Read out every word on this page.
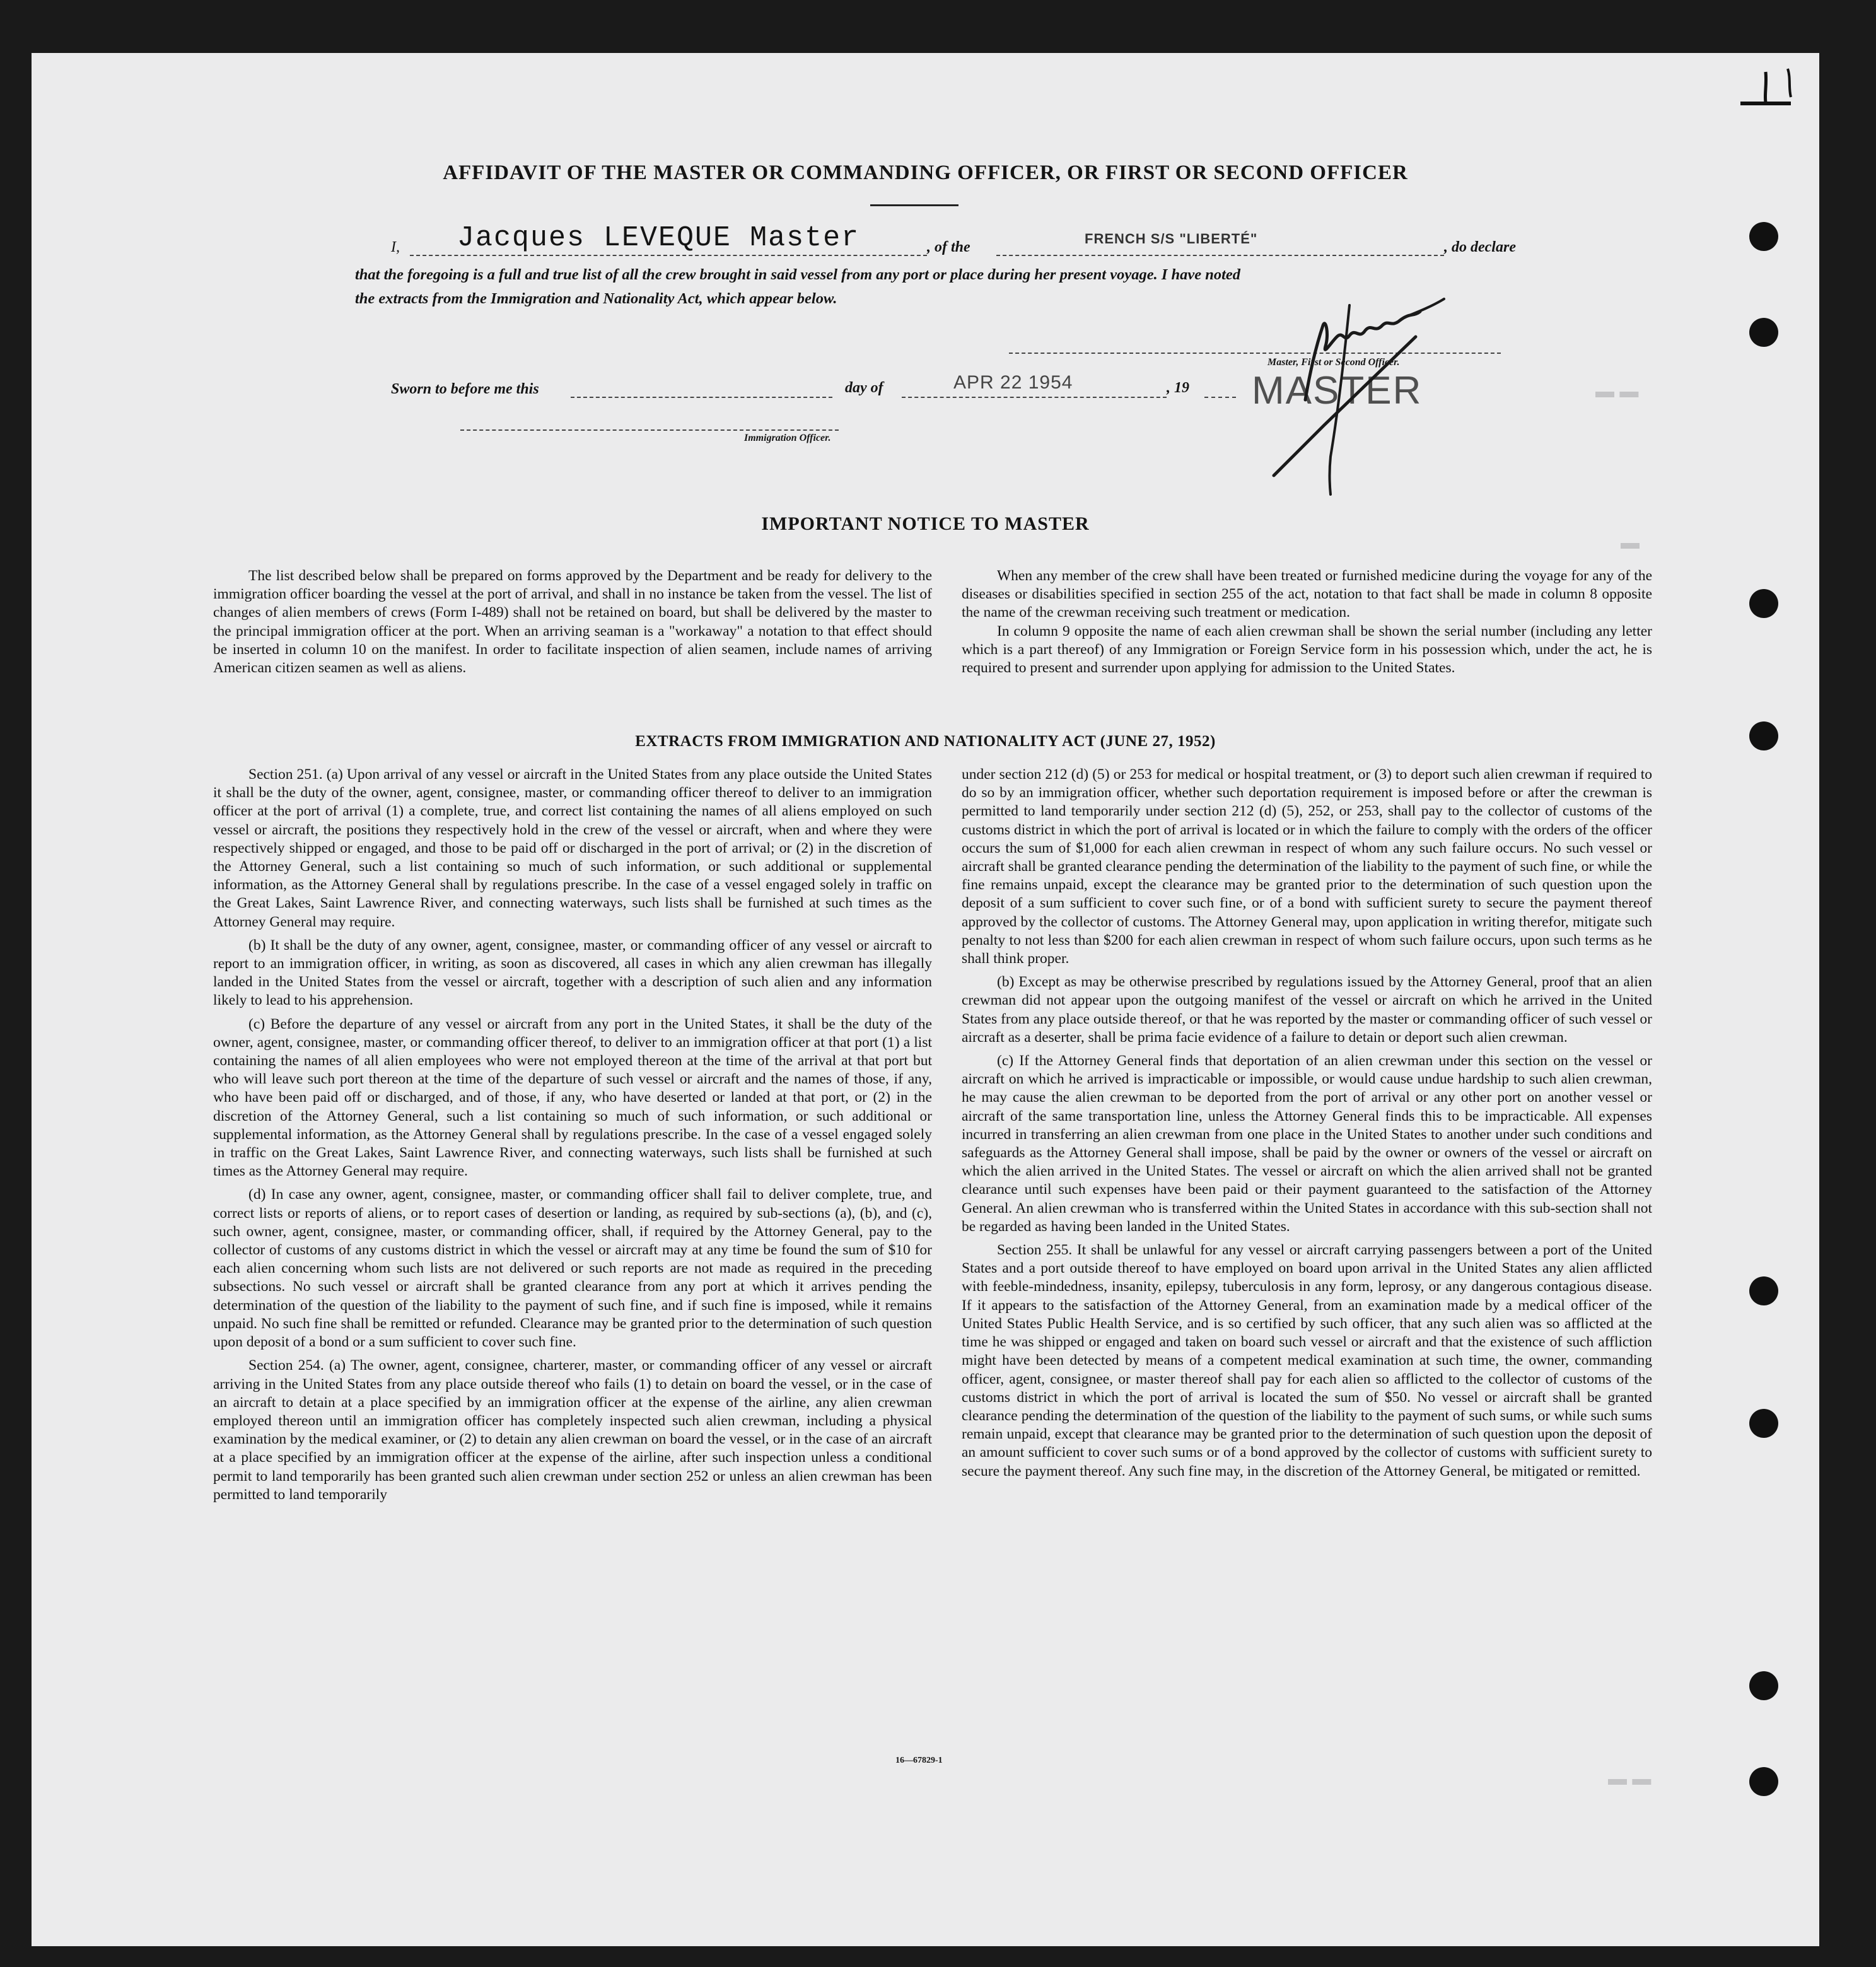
▬ ▬
▬
▬ ▬
AFFIDAVIT OF THE MASTER OR COMMANDING OFFICER, OR FIRST OR SECOND OFFICER
I, Jacques LEVEQUE Master	, of the
FRENCH S/S "LIBERTÉ"
, do declare
that the foregoing is a full and true list of all the crew brought in said vessel from any port or place during her present voyage. I have noted
the extracts from the Immigration and Nationality Act, which appear below.
Master, First or Second Officer.
MASTER
Sworn to before me this	day of	APR 22 1954	, 19
Immigration Officer.
IMPORTANT NOTICE TO MASTER

The list described below shall be prepared on forms approved by the Department and be ready for delivery to the immigration officer boarding the vessel at the port of arrival, and shall in no instance be taken from the vessel. The list of changes of alien members of crews (Form I-489) shall not be retained on board, but shall be delivered by the master to the principal immigration officer at the port. When an arriving seaman is a "workaway" a notation to that effect should be inserted in column 10 on the manifest. In order to facilitate inspection of alien seamen, include names of arriving American citizen seamen as well as aliens.

When any member of the crew shall have been treated or furnished medicine during the voyage for any of the diseases or disabilities specified in section 255 of the act, notation to that fact shall be made in column 8 opposite the name of the crewman receiving such treatment or medication.

In column 9 opposite the name of each alien crewman shall be shown the serial number (including any letter which is a part thereof) of any Immigration or Foreign Service form in his possession which, under the act, he is required to present and surrender upon applying for admission to the United States.

EXTRACTS FROM IMMIGRATION AND NATIONALITY ACT (JUNE 27, 1952)

Section 251. (a) Upon arrival of any vessel or aircraft in the United States from any place outside the United States it shall be the duty of the owner, agent, consignee, master, or commanding officer thereof to deliver to an immigration officer at the port of arrival (1) a complete, true, and correct list containing the names of all aliens employed on such vessel or aircraft, the positions they respectively hold in the crew of the vessel or aircraft, when and where they were respectively shipped or engaged, and those to be paid off or discharged in the port of arrival; or (2) in the discretion of the Attorney General, such a list containing so much of such information, or such additional or supplemental information, as the Attorney General shall by regulations prescribe. In the case of a vessel engaged solely in traffic on the Great Lakes, Saint Lawrence River, and connecting waterways, such lists shall be furnished at such times as the Attorney General may require.

(b) It shall be the duty of any owner, agent, consignee, master, or commanding officer of any vessel or aircraft to report to an immigration officer, in writing, as soon as discovered, all cases in which any alien crewman has illegally landed in the United States from the vessel or aircraft, together with a description of such alien and any information likely to lead to his apprehension.

(c) Before the departure of any vessel or aircraft from any port in the United States, it shall be the duty of the owner, agent, consignee, master, or commanding officer thereof, to deliver to an immigration officer at that port (1) a list containing the names of all alien employees who were not employed thereon at the time of the arrival at that port but who will leave such port thereon at the time of the departure of such vessel or aircraft and the names of those, if any, who have been paid off or discharged, and of those, if any, who have deserted or landed at that port, or (2) in the discretion of the Attorney General, such a list containing so much of such information, or such additional or supplemental information, as the Attorney General shall by regulations prescribe. In the case of a vessel engaged solely in traffic on the Great Lakes, Saint Lawrence River, and connecting waterways, such lists shall be furnished at such times as the Attorney General may require.

(d) In case any owner, agent, consignee, master, or commanding officer shall fail to deliver complete, true, and correct lists or reports of aliens, or to report cases of desertion or landing, as required by sub-sections (a), (b), and (c), such owner, agent, consignee, master, or commanding officer, shall, if required by the Attorney General, pay to the collector of customs of any customs district in which the vessel or aircraft may at any time be found the sum of $10 for each alien concerning whom such lists are not delivered or such reports are not made as required in the preceding subsections. No such vessel or aircraft shall be granted clearance from any port at which it arrives pending the determination of the question of the liability to the payment of such fine, and if such fine is imposed, while it remains unpaid. No such fine shall be remitted or refunded. Clearance may be granted prior to the determination of such question upon deposit of a bond or a sum sufficient to cover such fine.

Section 254. (a) The owner, agent, consignee, charterer, master, or commanding officer of any vessel or aircraft arriving in the United States from any place outside thereof who fails (1) to detain on board the vessel, or in the case of an aircraft to detain at a place specified by an immigration officer at the expense of the airline, any alien crewman employed thereon until an immigration officer has completely inspected such alien crewman, including a physical examination by the medical examiner, or (2) to detain any alien crewman on board the vessel, or in the case of an aircraft at a place specified by an immigration officer at the expense of the airline, after such inspection unless a conditional permit to land temporarily has been granted such alien crewman under section 252 or unless an alien crewman has been permitted to land temporarily

under section 212 (d) (5) or 253 for medical or hospital treatment, or (3) to deport such alien crewman if required to do so by an immigration officer, whether such deportation requirement is imposed before or after the crewman is permitted to land temporarily under section 212 (d) (5), 252, or 253, shall pay to the collector of customs of the customs district in which the port of arrival is located or in which the failure to comply with the orders of the officer occurs the sum of $1,000 for each alien crewman in respect of whom any such failure occurs. No such vessel or aircraft shall be granted clearance pending the determination of the liability to the payment of such fine, or while the fine remains unpaid, except the clearance may be granted prior to the determination of such question upon the deposit of a sum sufficient to cover such fine, or of a bond with sufficient surety to secure the payment thereof approved by the collector of customs. The Attorney General may, upon application in writing therefor, mitigate such penalty to not less than $200 for each alien crewman in respect of whom such failure occurs, upon such terms as he shall think proper.

(b) Except as may be otherwise prescribed by regulations issued by the Attorney General, proof that an alien crewman did not appear upon the outgoing manifest of the vessel or aircraft on which he arrived in the United States from any place outside thereof, or that he was reported by the master or commanding officer of such vessel or aircraft as a deserter, shall be prima facie evidence of a failure to detain or deport such alien crewman.

(c) If the Attorney General finds that deportation of an alien crewman under this section on the vessel or aircraft on which he arrived is impracticable or impossible, or would cause undue hardship to such alien crewman, he may cause the alien crewman to be deported from the port of arrival or any other port on another vessel or aircraft of the same transportation line, unless the Attorney General finds this to be impracticable. All expenses incurred in transferring an alien crewman from one place in the United States to another under such conditions and safeguards as the Attorney General shall impose, shall be paid by the owner or owners of the vessel or aircraft on which the alien arrived in the United States. The vessel or aircraft on which the alien arrived shall not be granted clearance until such expenses have been paid or their payment guaranteed to the satisfaction of the Attorney General. An alien crewman who is transferred within the United States in accordance with this sub-section shall not be regarded as having been landed in the United States.

Section 255. It shall be unlawful for any vessel or aircraft carrying passengers between a port of the United States and a port outside thereof to have employed on board upon arrival in the United States any alien afflicted with feeble-mindedness, insanity, epilepsy, tuberculosis in any form, leprosy, or any dangerous contagious disease. If it appears to the satisfaction of the Attorney General, from an examination made by a medical officer of the United States Public Health Service, and is so certified by such officer, that any such alien was so afflicted at the time he was shipped or engaged and taken on board such vessel or aircraft and that the existence of such affliction might have been detected by means of a competent medical examination at such time, the owner, commanding officer, agent, consignee, or master thereof shall pay for each alien so afflicted to the collector of customs of the customs district in which the port of arrival is located the sum of $50. No vessel or aircraft shall be granted clearance pending the determination of the question of the liability to the payment of such sums, or while such sums remain unpaid, except that clearance may be granted prior to the determination of such question upon the deposit of an amount sufficient to cover such sums or of a bond approved by the collector of customs with sufficient surety to secure the payment thereof. Any such fine may, in the discretion of the Attorney General, be mitigated or remitted.

16—67829-1
